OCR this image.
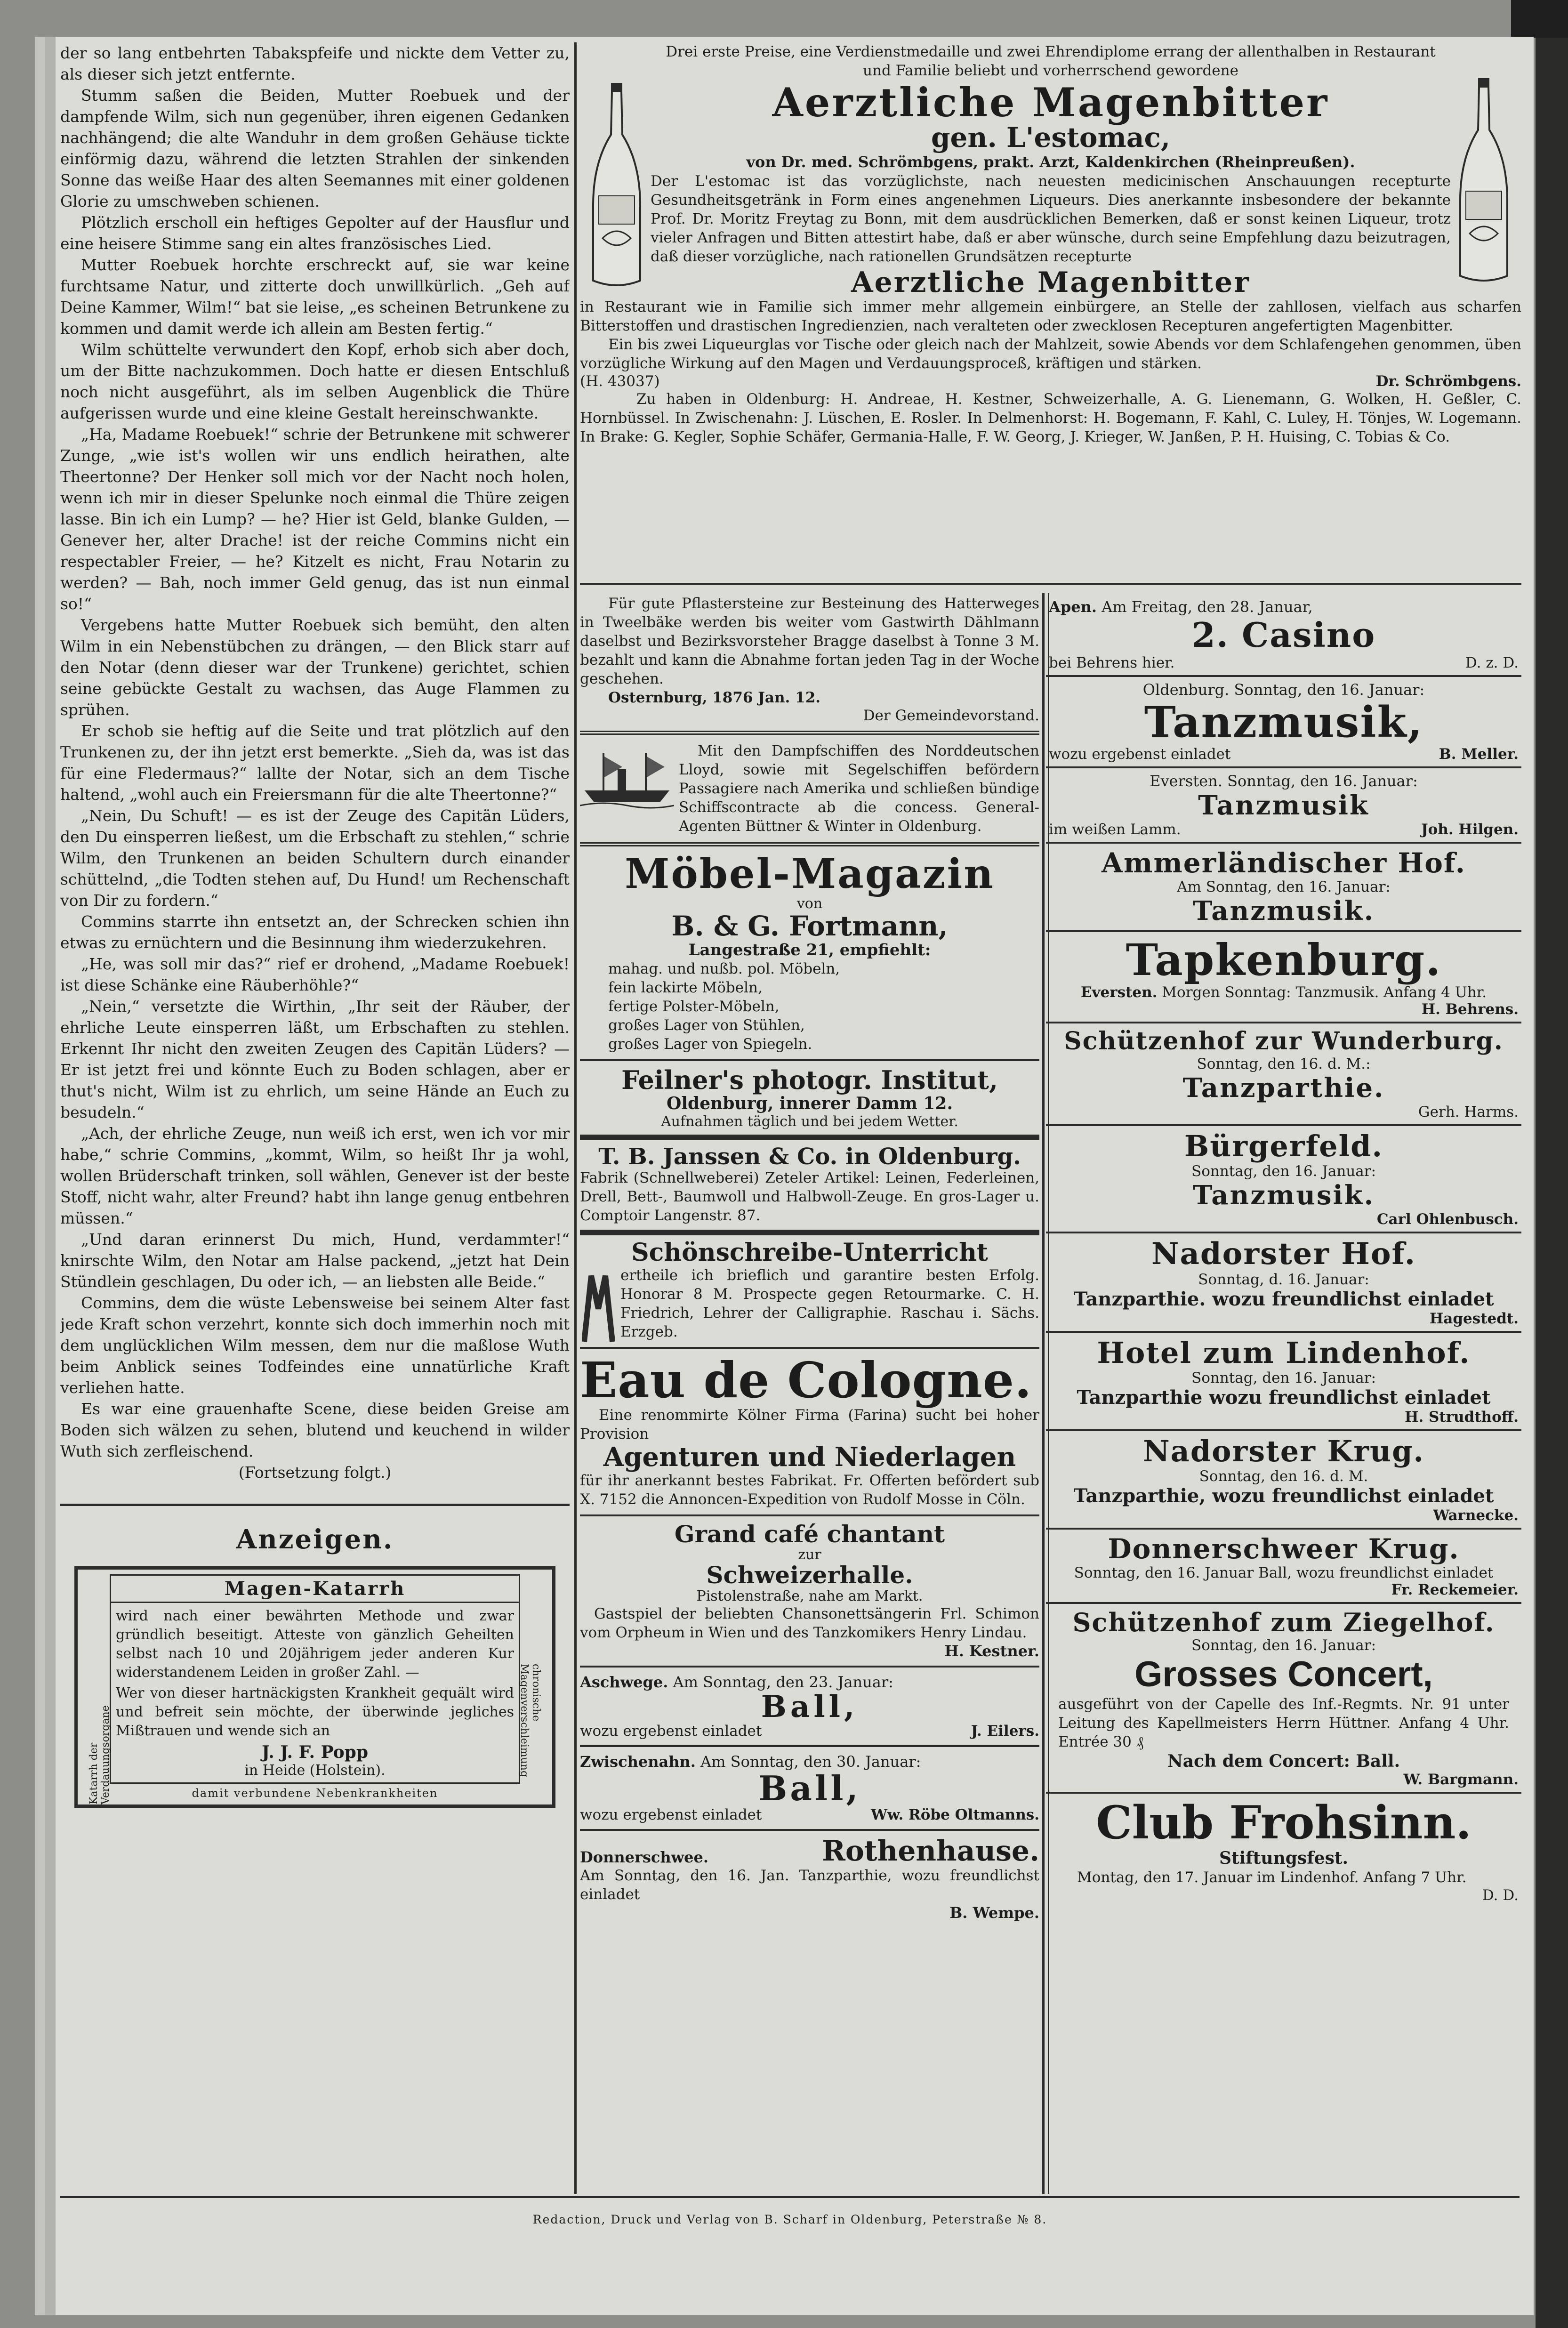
der so lang entbehrten Tabakspfeife und nickte dem Vetter zu, als dieser sich jetzt entfernte.

Stumm saßen die Beiden, Mutter Roebuek und der dampfende Wilm, sich nun gegenüber, ihren eigenen Gedanken nachhängend; die alte Wanduhr in dem großen Gehäuse tickte einförmig dazu, während die letzten Strahlen der sinkenden Sonne das weiße Haar des alten Seemannes mit einer goldenen Glorie zu umschweben schienen.

Plötzlich erscholl ein heftiges Gepolter auf der Hausflur und eine heisere Stimme sang ein altes französisches Lied.

Mutter Roebuek horchte erschreckt auf, sie war keine furchtsame Natur, und zitterte doch unwillkürlich. „Geh auf Deine Kammer, Wilm!“ bat sie leise, „es scheinen Betrunkene zu kommen und damit werde ich allein am Besten fertig.“

Wilm schüttelte verwundert den Kopf, erhob sich aber doch, um der Bitte nachzukommen. Doch hatte er diesen Entschluß noch nicht ausgeführt, als im selben Augenblick die Thüre aufgerissen wurde und eine kleine Gestalt hereinschwankte.

„Ha, Madame Roebuek!“ schrie der Betrunkene mit schwerer Zunge, „wie ist's wollen wir uns endlich heirathen, alte Theertonne? Der Henker soll mich vor der Nacht noch holen, wenn ich mir in dieser Spelunke noch einmal die Thüre zeigen lasse. Bin ich ein Lump? — he? Hier ist Geld, blanke Gulden, — Genever her, alter Drache! ist der reiche Commins nicht ein respectabler Freier, — he? Kitzelt es nicht, Frau Notarin zu werden? — Bah, noch immer Geld genug, das ist nun einmal so!“

Vergebens hatte Mutter Roebuek sich bemüht, den alten Wilm in ein Nebenstübchen zu drängen, — den Blick starr auf den Notar (denn dieser war der Trunkene) gerichtet, schien seine gebückte Gestalt zu wachsen, das Auge Flammen zu sprühen.

Er schob sie heftig auf die Seite und trat plötzlich auf den Trunkenen zu, der ihn jetzt erst bemerkte. „Sieh da, was ist das für eine Fledermaus?“ lallte der Notar, sich an dem Tische haltend, „wohl auch ein Freiersmann für die alte Theertonne?“

„Nein, Du Schuft! — es ist der Zeuge des Capitän Lüders, den Du einsperren ließest, um die Erbschaft zu stehlen,“ schrie Wilm, den Trunkenen an beiden Schultern durch einander schüttelnd, „die Todten stehen auf, Du Hund! um Rechenschaft von Dir zu fordern.“

Commins starrte ihn entsetzt an, der Schrecken schien ihn etwas zu ernüchtern und die Besinnung ihm wiederzukehren.

„He, was soll mir das?“ rief er drohend, „Madame Roebuek! ist diese Schänke eine Räuberhöhle?“

„Nein,“ versetzte die Wirthin, „Ihr seit der Räuber, der ehrliche Leute einsperren läßt, um Erbschaften zu stehlen. Erkennt Ihr nicht den zweiten Zeugen des Capitän Lüders? — Er ist jetzt frei und könnte Euch zu Boden schlagen, aber er thut's nicht, Wilm ist zu ehrlich, um seine Hände an Euch zu besudeln.“

„Ach, der ehrliche Zeuge, nun weiß ich erst, wen ich vor mir habe,“ schrie Commins, „kommt, Wilm, so heißt Ihr ja wohl, wollen Brüderschaft trinken, soll wählen, Genever ist der beste Stoff, nicht wahr, alter Freund? habt ihn lange genug entbehren müssen.“

„Und daran erinnerst Du mich, Hund, verdammter!“ knirschte Wilm, den Notar am Halse packend, „jetzt hat Dein Stündlein geschlagen, Du oder ich, — an liebsten alle Beide.“

Commins, dem die wüste Lebensweise bei seinem Alter fast jede Kraft schon verzehrt, konnte sich doch immerhin noch mit dem unglücklichen Wilm messen, dem nur die maßlose Wuth beim Anblick seines Todfeindes eine unnatürliche Kraft verliehen hatte.

Es war eine grauenhafte Scene, diese beiden Greise am Boden sich wälzen zu sehen, blutend und keuchend in wilder Wuth sich zerfleischend.

(Fortsetzung folgt.)
Anzeigen.
Katarrh der Verdauungsorgane
chronische Magenverschleimung
Magen-Katarrh
wird nach einer bewährten Methode und zwar gründlich beseitigt. Atteste von gänzlich Geheilten selbst nach 10 und 20jährigem jeder anderen Kur widerstandenem Leiden in großer Zahl. —
Wer von dieser hartnäckigsten Krankheit gequält wird und befreit sein möchte, der überwinde jegliches Mißtrauen und wende sich an
J. J. F. Popp
in Heide (Holstein).
damit verbundene Nebenkrankheiten
Drei erste Preise, eine Verdienstmedaille und zwei Ehrendiplome errang der allenthalben in Restaurant und Familie beliebt und vorherrschend gewordene
Aerztliche Magenbitter
gen. L'estomac,
von Dr. med. Schrömbgens, prakt. Arzt, Kaldenkirchen (Rheinpreußen).
Der L'estomac ist das vorzüglichste, nach neuesten medicinischen Anschauungen recepturte Gesundheitsgetränk in Form eines angenehmen Liqueurs. Dies anerkannte insbesondere der bekannte Prof. Dr. Moritz Freytag zu Bonn, mit dem ausdrücklichen Bemerken, daß er sonst keinen Liqueur, trotz vieler Anfragen und Bitten attestirt habe, daß er aber wünsche, durch seine Empfehlung dazu beizutragen, daß dieser vorzügliche, nach rationellen Grundsätzen recepturte
Aerztliche Magenbitter
in Restaurant wie in Familie sich immer mehr allgemein einbürgere, an Stelle der zahllosen, vielfach aus scharfen Bitterstoffen und drastischen Ingredienzien, nach veralteten oder zwecklosen Recepturen angefertigten Magenbitter.
Ein bis zwei Liqueurglas vor Tische oder gleich nach der Mahlzeit, sowie Abends vor dem Schlafengehen genommen, üben vorzügliche Wirkung auf den Magen und Verdauungsproceß, kräftigen und stärken.
(H. 43037)	Dr. Schrömbgens.
Zu haben in Oldenburg: H. Andreae, H. Kestner, Schweizerhalle, A. G. Lienemann, G. Wolken, H. Geßler, C. Hornbüssel. In Zwischenahn: J. Lüschen, E. Rosler. In Delmenhorst: H. Bogemann, F. Kahl, C. Luley, H. Tönjes, W. Logemann. In Brake: G. Kegler, Sophie Schäfer, Germania-Halle, F. W. Georg, J. Krieger, W. Janßen, P. H. Huising, C. Tobias & Co.
Für gute Pflastersteine zur Besteinung des Hatterweges in Tweelbäke werden bis weiter vom Gastwirth Dählmann daselbst und Bezirksvorsteher Bragge daselbst à Tonne 3 M. bezahlt und kann die Abnahme fortan jeden Tag in der Woche geschehen.
Osternburg, 1876 Jan. 12.
Der Gemeindevorstand.
Mit den Dampfschiffen des Norddeutschen Lloyd, sowie mit Segelschiffen befördern Passagiere nach Amerika und schließen bündige Schiffscontracte ab die concess. General-Agenten Büttner & Winter in Oldenburg.
Möbel-Magazin
von
B. & G. Fortmann,
Langestraße 21, empfiehlt:
mahag. und nußb. pol. Möbeln,
fein lackirte Möbeln,
fertige Polster-Möbeln,
großes Lager von Stühlen,
großes Lager von Spiegeln.
Feilner's photogr. Institut,
Oldenburg, innerer Damm 12.
Aufnahmen täglich und bei jedem Wetter.
T. B. Janssen & Co. in Oldenburg.
Fabrik (Schnellweberei) Zeteler Artikel: Leinen, Federleinen, Drell, Bett-, Baumwoll und Halbwoll-Zeuge. En gros-Lager u. Comptoir Langenstr. 87.
Schönschreibe-Unterricht
ertheile ich brieflich und garantire besten Erfolg. Honorar 8 M. Prospecte gegen Retourmarke. C. H. Friedrich, Lehrer der Calligraphie. Raschau i. Sächs. Erzgeb.
Eau de Cologne.
Eine renommirte Kölner Firma (Farina) sucht bei hoher Provision
Agenturen und Niederlagen
für ihr anerkannt bestes Fabrikat. Fr. Offerten befördert sub X. 7152 die Annoncen-Expedition von Rudolf Mosse in Cöln.
Grand café chantant
zur
Schweizerhalle.
Pistolenstraße, nahe am Markt.
Gastspiel der beliebten Chansonettsängerin Frl. Schimon vom Orpheum in Wien und des Tanzkomikers Henry Lindau.
H. Kestner.
Aschwege. Am Sonntag, den 23. Januar:
Ball,
wozu ergebenst einladet	J. Eilers.
Zwischenahn. Am Sonntag, den 30. Januar:
Ball,
wozu ergebenst einladet	Ww. Röbe Oltmanns.
Donnerschwee.	Rothenhause.
Am Sonntag, den 16. Jan. Tanzparthie, wozu freundlichst einladet
B. Wempe.
Apen. Am Freitag, den 28. Januar,
2. Casino
bei Behrens hier.	D. z. D.
Oldenburg. Sonntag, den 16. Januar:
Tanzmusik,
wozu ergebenst einladet	B. Meller.
Eversten. Sonntag, den 16. Januar:
Tanzmusik
im weißen Lamm.	Joh. Hilgen.
Ammerländischer Hof.
Am Sonntag, den 16. Januar:
Tanzmusik.
Tapkenburg.
Eversten. Morgen Sonntag: Tanzmusik. Anfang 4 Uhr.
H. Behrens.
Schützenhof zur Wunderburg.
Sonntag, den 16. d. M.:
Tanzparthie.
Gerh. Harms.
Bürgerfeld.
Sonntag, den 16. Januar:
Tanzmusik.
Carl Ohlenbusch.
Nadorster Hof.
Sonntag, d. 16. Januar:
Tanzparthie. wozu freundlichst einladet
Hagestedt.
Hotel zum Lindenhof.
Sonntag, den 16. Januar:
Tanzparthie wozu freundlichst einladet
H. Strudthoff.
Nadorster Krug.
Sonntag, den 16. d. M.
Tanzparthie, wozu freundlichst einladet
Warnecke.
Donnerschweer Krug.
Sonntag, den 16. Januar Ball, wozu freundlichst einladet
Fr. Reckemeier.
Schützenhof zum Ziegelhof.
Sonntag, den 16. Januar:
Grosses Concert,
ausgeführt von der Capelle des Inf.-Regmts. Nr. 91 unter Leitung des Kapellmeisters Herrn Hüttner. Anfang 4 Uhr. Entrée 30 ₰
Nach dem Concert: Ball.
W. Bargmann.
Club Frohsinn.
Stiftungsfest.
Montag, den 17. Januar im Lindenhof. Anfang 7 Uhr.
D. D.
Redaction, Druck und Verlag von B. Scharf in Oldenburg, Peterstraße № 8.
